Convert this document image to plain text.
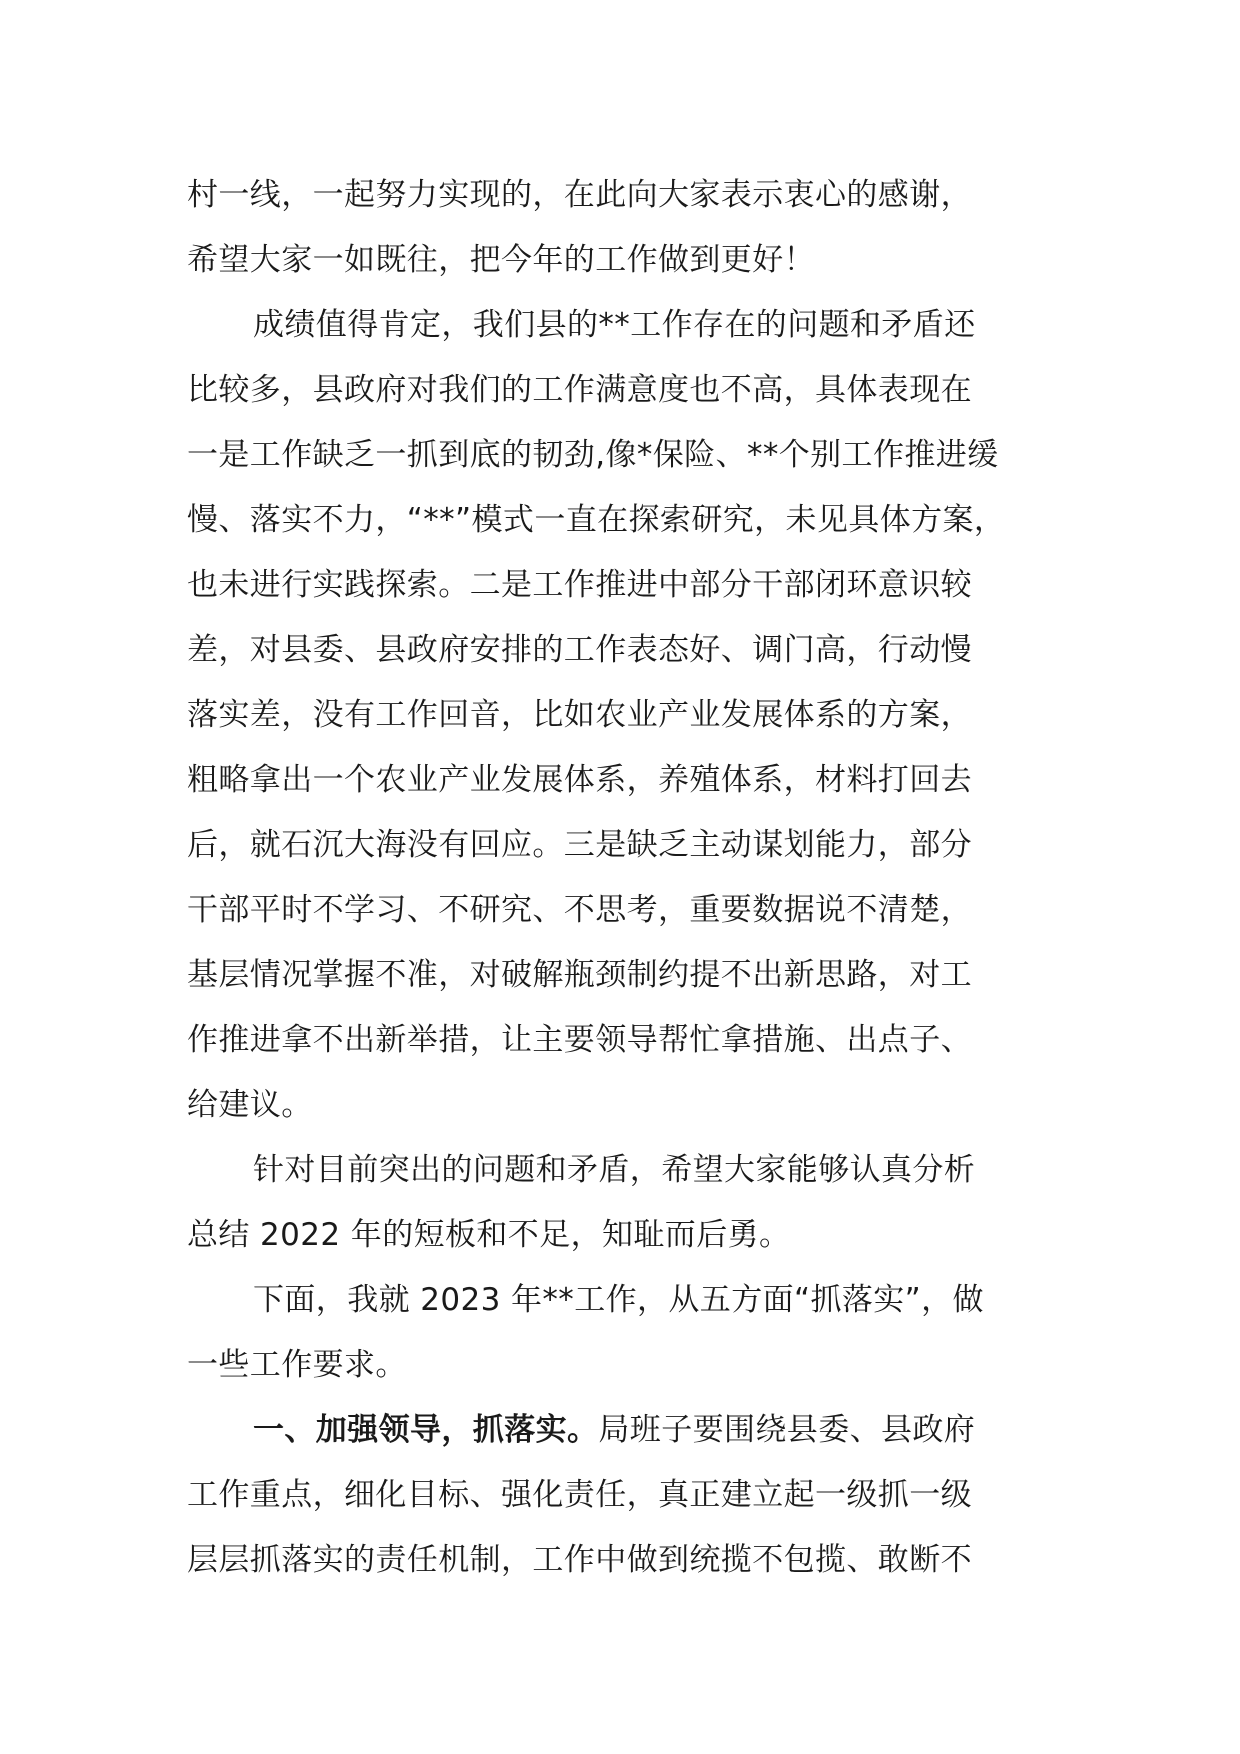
村一线，一起努力实现的，在此向大家表示衷心的感谢，
希望大家一如既往，把今年的工作做到更好！
成绩值得肯定，我们县的**工作存在的问题和矛盾还
比较多，县政府对我们的工作满意度也不高，具体表现在
一是工作缺乏一抓到底的韧劲,像*保险、**个别工作推进缓
慢、落实不力，“**”模式一直在探索研究，未见具体方案，
也未进行实践探索。二是工作推进中部分干部闭环意识较
差，对县委、县政府安排的工作表态好、调门高，行动慢
落实差，没有工作回音，比如农业产业发展体系的方案，
粗略拿出一个农业产业发展体系，养殖体系，材料打回去
后，就石沉大海没有回应。三是缺乏主动谋划能力，部分
干部平时不学习、不研究、不思考，重要数据说不清楚，
基层情况掌握不准，对破解瓶颈制约提不出新思路，对工
作推进拿不出新举措，让主要领导帮忙拿措施、出点子、
给建议。
针对目前突出的问题和矛盾，希望大家能够认真分析
总结 2022 年的短板和不足，知耻而后勇。
下面，我就 2023 年**工作，从五方面“抓落实”，做
一些工作要求。
一、加强领导，抓落实。局班子要围绕县委、县政府
工作重点，细化目标、强化责任，真正建立起一级抓一级
层层抓落实的责任机制，工作中做到统揽不包揽、敢断不
